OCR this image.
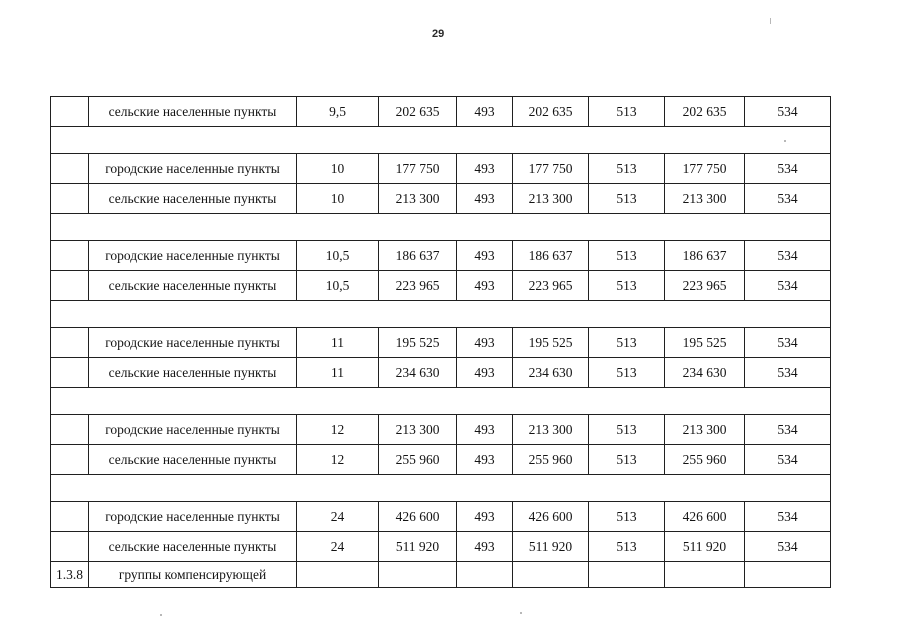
29
	сельские населенные пункты	9,5	202 635	493	202 635	513	202 635	534

	городские населенные пункты	10	177 750	493	177 750	513	177 750	534
	сельские населенные пункты	10	213 300	493	213 300	513	213 300	534

	городские населенные пункты	10,5	186 637	493	186 637	513	186 637	534
	сельские населенные пункты	10,5	223 965	493	223 965	513	223 965	534

	городские населенные пункты	11	195 525	493	195 525	513	195 525	534
	сельские населенные пункты	11	234 630	493	234 630	513	234 630	534

	городские населенные пункты	12	213 300	493	213 300	513	213 300	534
	сельские населенные пункты	12	255 960	493	255 960	513	255 960	534

	городские населенные пункты	24	426 600	493	426 600	513	426 600	534
	сельские населенные пункты	24	511 920	493	511 920	513	511 920	534
1.3.8	группы компенсирующей							
